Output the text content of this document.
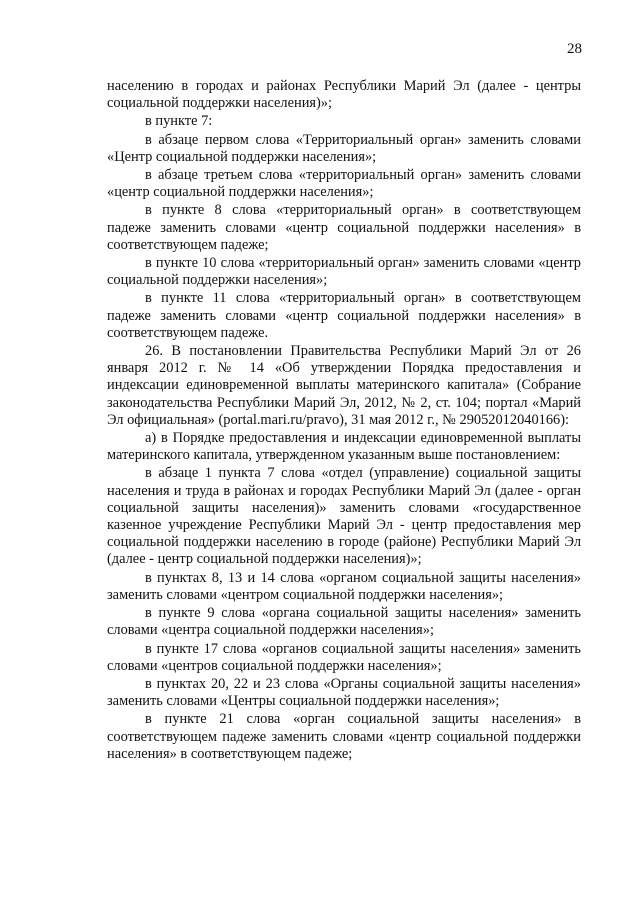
28

населению в городах и районах Республики Марий Эл (далее - центры социальной поддержки населения)»;

в пункте 7:

в абзаце первом слова «Территориальный орган» заменить словами «Центр социальной поддержки населения»;

в абзаце третьем слова «территориальный орган» заменить словами «центр социальной поддержки населения»;

в пункте 8 слова «территориальный орган» в соответствующем падеже заменить словами «центр социальной поддержки населения» в соответствующем падеже;

в пункте 10 слова «территориальный орган» заменить словами «центр социальной поддержки населения»;

в пункте 11 слова «территориальный орган» в соответствующем падеже заменить словами «центр социальной поддержки населения» в соответствующем падеже.

26. В постановлении Правительства Республики Марий Эл от 26 января 2012 г. № 14 «Об утверждении Порядка предоставления и индексации единовременной выплаты материнского капитала» (Собрание законодательства Республики Марий Эл, 2012, № 2, ст. 104; портал «Марий Эл официальная» (portal.mari.ru/pravo), 31 мая 2012 г., № 29052012040166):

а) в Порядке предоставления и индексации единовременной выплаты материнского капитала, утвержденном указанным выше постановлением:

в абзаце 1 пункта 7 слова «отдел (управление) социальной защиты населения и труда в районах и городах Республики Марий Эл (далее - орган социальной защиты населения)» заменить словами «государственное казенное учреждение Республики Марий Эл - центр предоставления мер социальной поддержки населению в городе (районе) Республики Марий Эл (далее - центр социальной поддержки населения)»;

в пунктах 8, 13 и 14 слова «органом социальной защиты населения» заменить словами «центром социальной поддержки населения»;

в пункте 9 слова «органа социальной защиты населения» заменить словами «центра социальной поддержки населения»;

в пункте 17 слова «органов социальной защиты населения» заменить словами «центров социальной поддержки населения»;

в пунктах 20, 22 и 23 слова «Органы социальной защиты населения» заменить словами «Центры социальной поддержки населения»;

в пункте 21 слова «орган социальной защиты населения» в соответствующем падеже заменить словами «центр социальной поддержки населения» в соответствующем падеже;
